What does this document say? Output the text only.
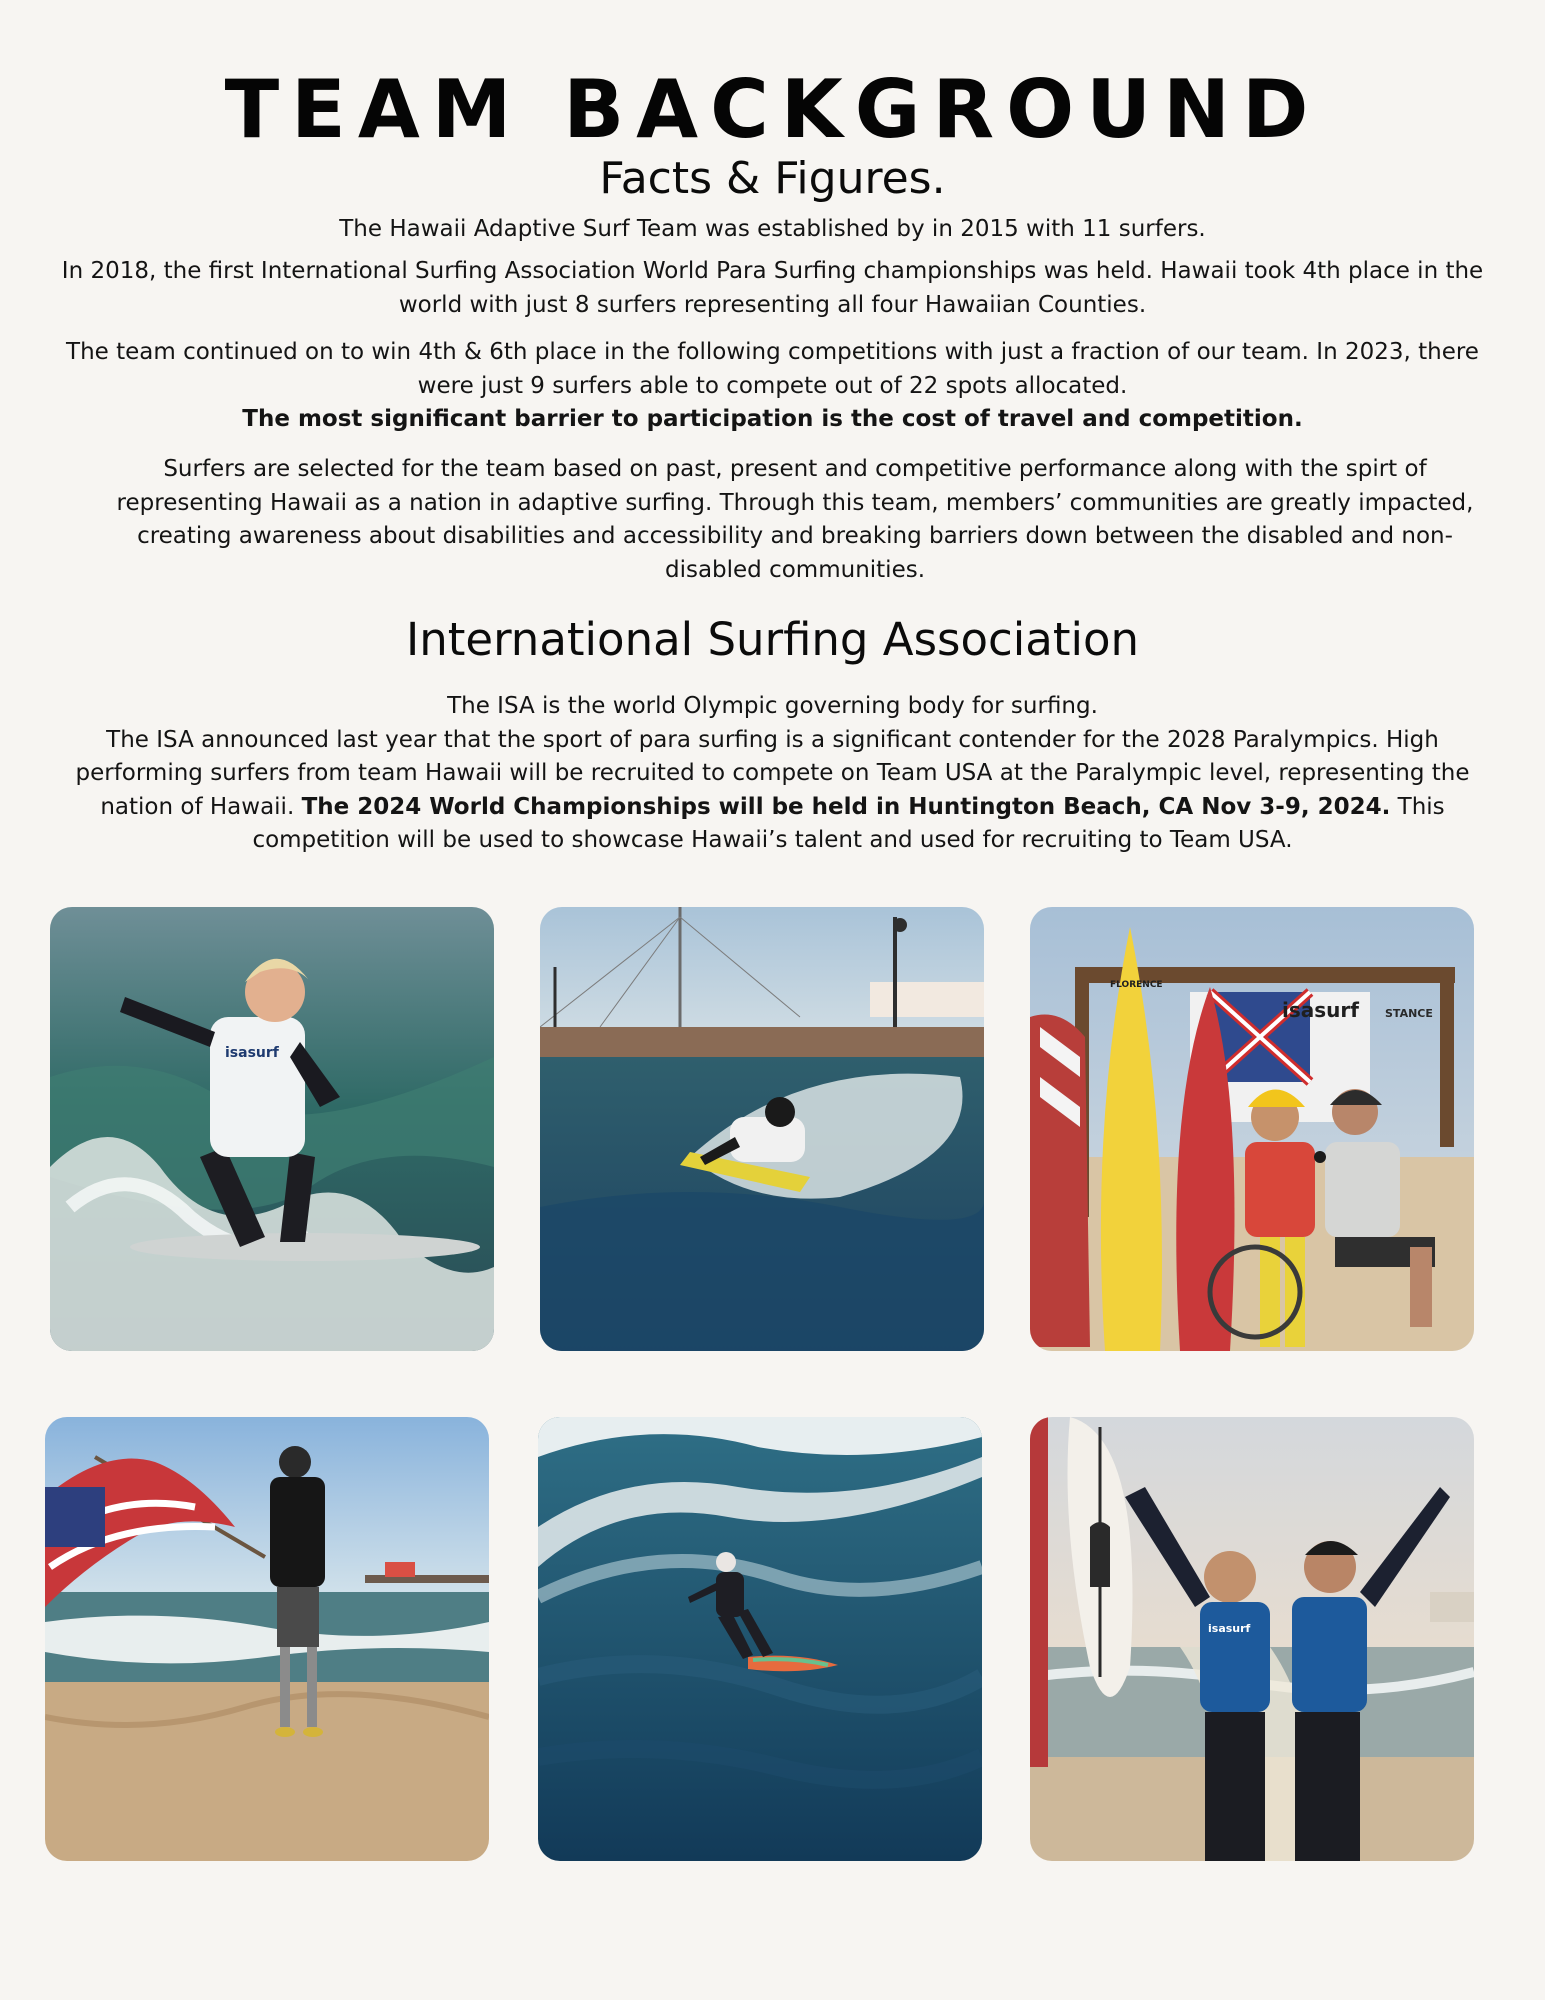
TEAM BACKGROUND
Facts & Figures.

The Hawaii Adaptive Surf Team was established by in 2015 with 11 surfers.

In 2018, the first International Surfing Association World Para Surfing championships was held. Hawaii took 4th place in the world with just 8 surfers representing all four Hawaiian Counties.

The team continued on to win 4th & 6th place in the following competitions with just a fraction of our team. In 2023, there were just 9 surfers able to compete out of 22 spots allocated.
The most significant barrier to participation is the cost of travel and competition.

Surfers are selected for the team based on past, present and competitive performance along with the spirt of representing Hawaii as a nation in adaptive surfing. Through this team, members’ communities are greatly impacted, creating awareness about disabilities and accessibility and breaking barriers down between the disabled and non-disabled communities.

International Surfing Association

The ISA is the world Olympic governing body for surfing.
The ISA announced last year that the sport of para surfing is a significant contender for the 2028 Paralympics. High performing surfers from team Hawaii will be recruited to compete on Team USA at the Paralympic level, representing the nation of Hawaii. The 2024 World Championships will be held in Huntington Beach, CA Nov 3-9, 2024. This competition will be used to showcase Hawaii’s talent and used for recruiting to Team USA.

isasurf
isasurf STANCE
FLORENCE
isasurf
